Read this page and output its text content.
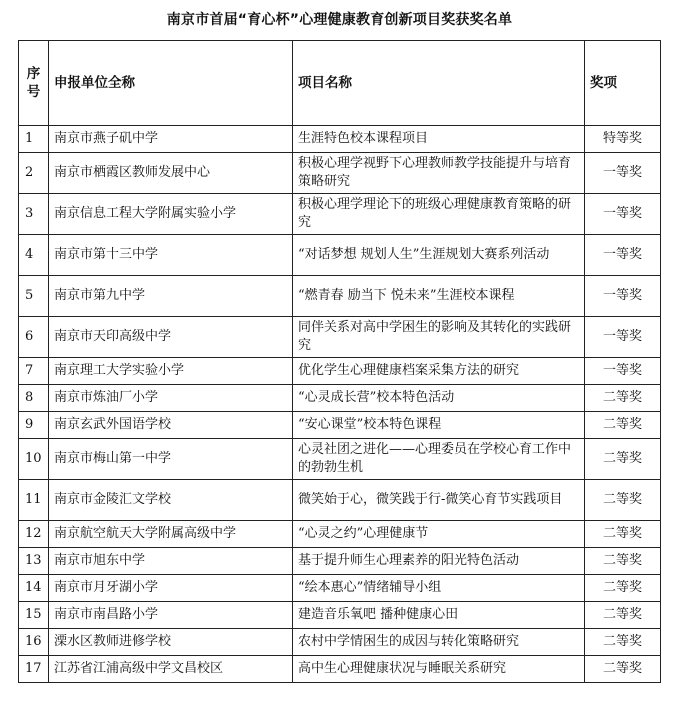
南京市首届“育心杯”心理健康教育创新项目奖获奖名单
序号	申报单位全称	项目名称	奖项
1	南京市燕子矶中学	生涯特色校本课程项目	特等奖
2	南京市栖霞区教师发展中心	积极心理学视野下心理教师教学技能提升与培育策略研究	一等奖
3	南京信息工程大学附属实验小学	积极心理学理论下的班级心理健康教育策略的研究	一等奖
4	南京市第十三中学	“对话梦想 规划人生”生涯规划大赛系列活动	一等奖
5	南京市第九中学	“燃青春 励当下 悦未来”生涯校本课程	一等奖
6	南京市天印高级中学	同伴关系对高中学困生的影响及其转化的实践研究	一等奖
7	南京理工大学实验小学	优化学生心理健康档案采集方法的研究	一等奖
8	南京市炼油厂小学	“心灵成长营”校本特色活动	二等奖
9	南京玄武外国语学校	“安心课堂”校本特色课程	二等奖
10	南京市梅山第一中学	心灵社团之进化——心理委员在学校心育工作中的勃勃生机	二等奖
11	南京市金陵汇文学校	微笑始于心，微笑践于行-微笑心育节实践项目	二等奖
12	南京航空航天大学附属高级中学	“心灵之约”心理健康节	二等奖
13	南京市旭东中学	基于提升师生心理素养的阳光特色活动	二等奖
14	南京市月牙湖小学	“绘本惠心”情绪辅导小组	二等奖
15	南京市南昌路小学	建造音乐氧吧 播种健康心田	二等奖
16	溧水区教师进修学校	农村中学情困生的成因与转化策略研究	二等奖
17	江苏省江浦高级中学文昌校区	高中生心理健康状况与睡眠关系研究	二等奖
